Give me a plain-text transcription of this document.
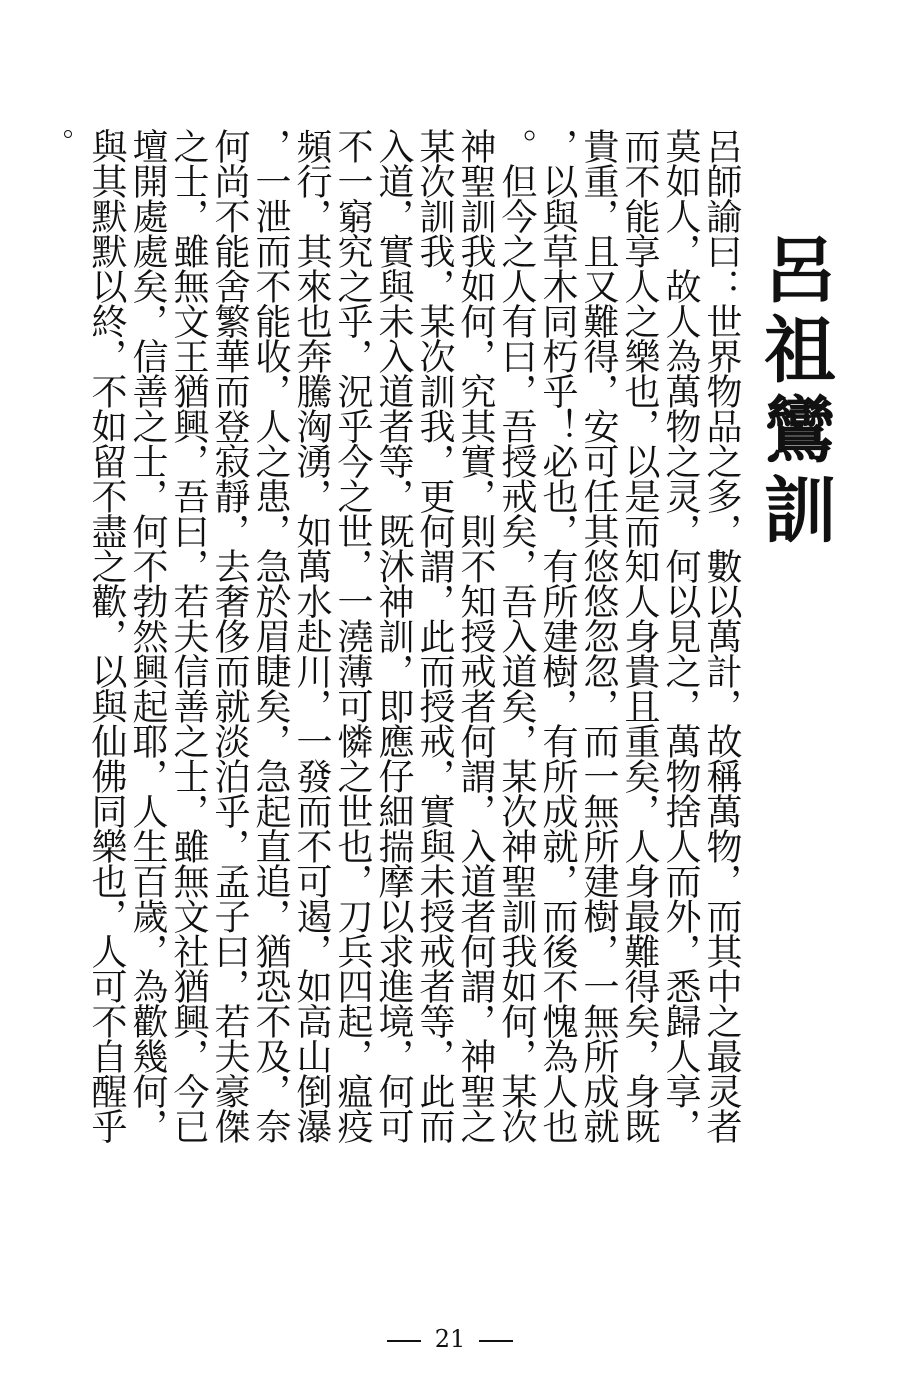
呂祖鸞訓
呂師諭曰：世界物品之多，數以萬計，故稱萬物，而其中之最灵者
莫如人，故人為萬物之灵，何以見之，萬物捨人而外，悉歸人享，
而不能享人之樂也，以是而知人身貴且重矣，人身最難得矣，身既
貴重，且又難得，安可任其悠悠忽忽，而一無所建樹，一無所成就
，以與草木同朽乎！必也，有所建樹，有所成就，而後不愧為人也
。但今之人有曰，吾授戒矣，吾入道矣，某次神聖訓我如何，某次
神聖訓我如何，究其實，則不知授戒者何謂，入道者何謂，神聖之
某次訓我，某次訓我，更何謂，此而授戒，實與未授戒者等，此而
入道，實與未入道者等，既沐神訓，即應仔細揣摩以求進境，何可
不一窮究之乎，況乎今之世，一澆薄可憐之世也，刀兵四起，瘟疫
頻行，其來也奔騰洶湧，如萬水赴川，一發而不可遏，如高山倒瀑
，一泄而不能收，人之患，急於眉睫矣，急起直追，猶恐不及，奈
何尚不能舍繁華而登寂靜，去奢侈而就淡泊乎，孟子曰，若夫豪傑
之士，雖無文王猶興，吾曰，若夫信善之士，雖無文社猶興，今已
壇開處處矣，信善之士，何不勃然興起耶，人生百歲，為歡幾何，
與其默默以終，不如留不盡之歡，以與仙佛同樂也，人可不自醒乎
21
